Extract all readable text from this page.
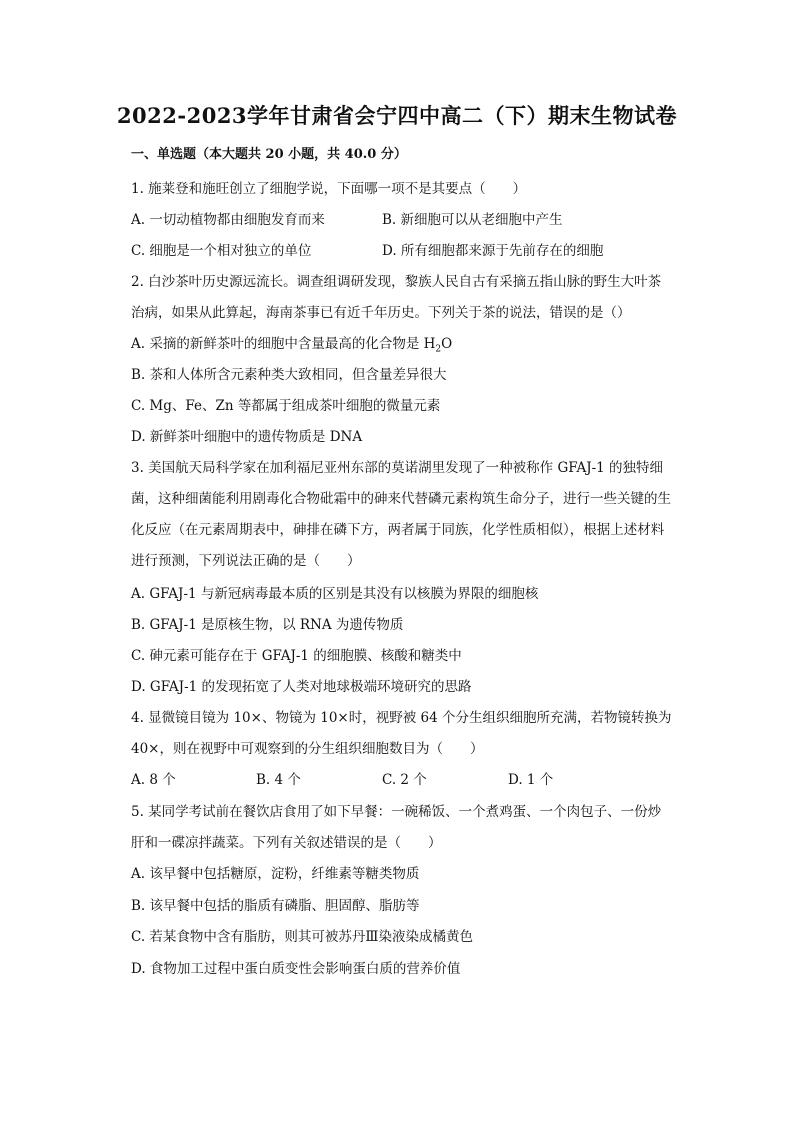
2022-2023学年甘肃省会宁四中高二（下）期末生物试卷
一、单选题（本大题共 20 小题，共 40.0 分）
1. 施莱登和施旺创立了细胞学说，下面哪一项不是其要点（　　）
A. 一切动植物都由细胞发育而来	B. 新细胞可以从老细胞中产生
C. 细胞是一个相对独立的单位	D. 所有细胞都来源于先前存在的细胞
2. 白沙茶叶历史源远流长。调查组调研发现，黎族人民自古有采摘五指山脉的野生大叶茶
治病，如果从此算起，海南茶事已有近千年历史。下列关于茶的说法，错误的是（）
A. 采摘的新鲜茶叶的细胞中含量最高的化合物是 $H_2O$
B. 茶和人体所含元素种类大致相同，但含量差异很大
C. Mg、Fe、Zn 等都属于组成茶叶细胞的微量元素
D. 新鲜茶叶细胞中的遗传物质是 DNA
3. 美国航天局科学家在加利福尼亚州东部的莫诺湖里发现了一种被称作 GFAJ-1 的独特细
菌，这种细菌能利用剧毒化合物砒霜中的砷来代替磷元素构筑生命分子，进行一些关键的生
化反应（在元素周期表中，砷排在磷下方，两者属于同族，化学性质相似），根据上述材料
进行预测，下列说法正确的是（　　）
A. GFAJ-1 与新冠病毒最本质的区别是其没有以核膜为界限的细胞核
B. GFAJ-1 是原核生物，以 RNA 为遗传物质
C. 砷元素可能存在于 GFAJ-1 的细胞膜、核酸和糖类中
D. GFAJ-1 的发现拓宽了人类对地球极端环境研究的思路
4. 显微镜目镜为 10×、物镜为 10×时，视野被 64 个分生组织细胞所充满，若物镜转换为
40×，则在视野中可观察到的分生组织细胞数目为（　　）
A. 8 个	B. 4 个	C. 2 个	D. 1 个
5. 某同学考试前在餐饮店食用了如下早餐：一碗稀饭、一个煮鸡蛋、一个肉包子、一份炒
肝和一碟凉拌蔬菜。下列有关叙述错误的是（　　）
A. 该早餐中包括糖原，淀粉，纤维素等糖类物质
B. 该早餐中包括的脂质有磷脂、胆固醇、脂肪等
C. 若某食物中含有脂肪，则其可被苏丹Ⅲ染液染成橘黄色
D. 食物加工过程中蛋白质变性会影响蛋白质的营养价值
